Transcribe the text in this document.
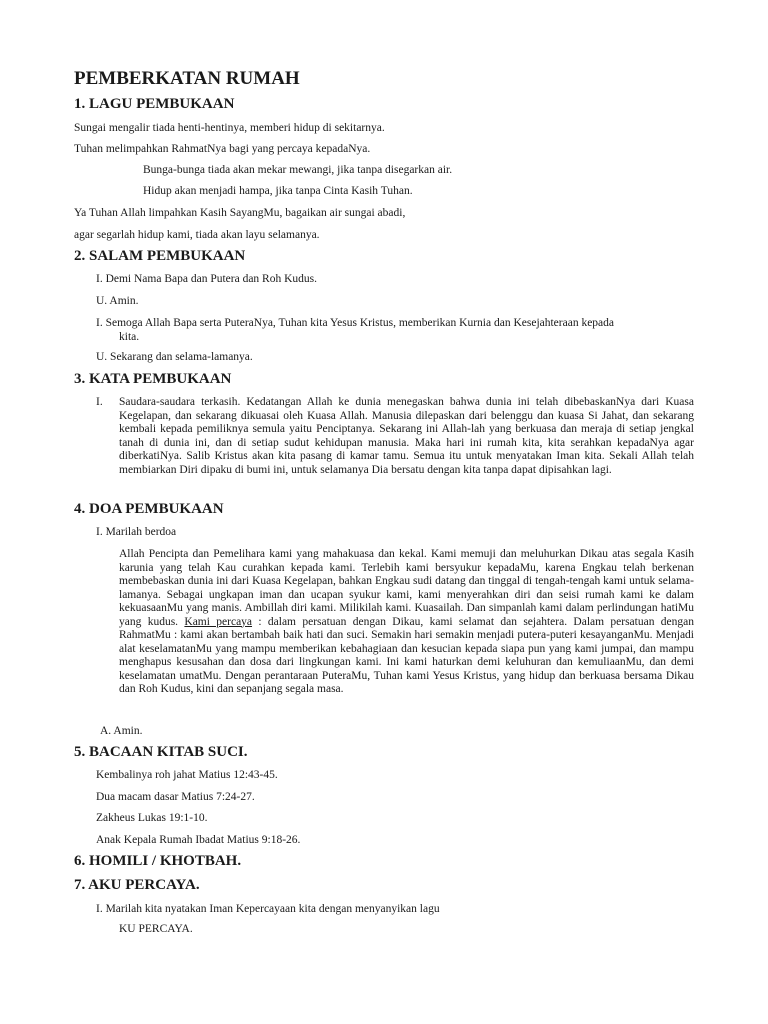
PEMBERKATAN RUMAH
1. LAGU PEMBUKAAN
Sungai mengalir tiada henti-hentinya, memberi hidup di sekitarnya.
Tuhan melimpahkan RahmatNya bagi yang percaya kepadaNya.
Bunga-bunga tiada akan mekar mewangi, jika tanpa disegarkan air.
Hidup akan menjadi hampa, jika tanpa Cinta Kasih Tuhan.
Ya Tuhan Allah limpahkan Kasih SayangMu, bagaikan air sungai abadi,
agar segarlah hidup kami, tiada akan layu selamanya.
2. SALAM PEMBUKAAN
I. Demi Nama Bapa dan Putera dan Roh Kudus.
U. Amin.
I. Semoga Allah Bapa serta PuteraNya, Tuhan kita Yesus Kristus, memberikan Kurnia dan Kesejahteraan kepada
kita.
U. Sekarang dan selama-lamanya.
3. KATA PEMBUKAAN
I. Saudara-saudara terkasih. Kedatangan Allah ke dunia menegaskan bahwa dunia ini telah dibebaskanNya dari Kuasa Kegelapan, dan sekarang dikuasai oleh Kuasa Allah. Manusia dilepaskan dari belenggu dan kuasa Si Jahat, dan sekarang kembali kepada pemiliknya semula yaitu Penciptanya. Sekarang ini Allah-lah yang berkuasa dan meraja di setiap jengkal tanah di dunia ini, dan di setiap sudut kehidupan manusia. Maka hari ini rumah kita, kita serahkan kepadaNya agar diberkatiNya. Salib Kristus akan kita pasang di kamar tamu. Semua itu untuk menyatakan Iman kita. Sekali Allah telah membiarkan Diri dipaku di bumi ini, untuk selamanya Dia bersatu dengan kita tanpa dapat dipisahkan lagi.

4. DOA PEMBUKAAN
I. Marilah berdoa

Allah Pencipta dan Pemelihara kami yang mahakuasa dan kekal. Kami memuji dan meluhurkan Dikau atas segala Kasih karunia yang telah Kau curahkan kepada kami. Terlebih kami bersyukur kepadaMu, karena Engkau telah berkenan membebaskan dunia ini dari Kuasa Kegelapan, bahkan Engkau sudi datang dan tinggal di tengah-tengah kami untuk selama-lamanya. Sebagai ungkapan iman dan ucapan syukur kami, kami menyerahkan diri dan seisi rumah kami ke dalam kekuasaanMu yang manis. Ambillah diri kami. Milikilah kami. Kuasailah. Dan simpanlah kami dalam perlindungan hatiMu yang kudus. Kami percaya : dalam persatuan dengan Dikau, kami selamat dan sejahtera. Dalam persatuan dengan RahmatMu : kami akan bertambah baik hati dan suci. Semakin hari semakin menjadi putera-puteri kesayanganMu. Menjadi alat keselamatanMu yang mampu memberikan kebahagiaan dan kesucian kepada siapa pun yang kami jumpai, dan mampu menghapus kesusahan dan dosa dari lingkungan kami. Ini kami haturkan demi keluhuran dan kemuliaanMu, dan demi keselamatan umatMu. Dengan perantaraan PuteraMu, Tuhan kami Yesus Kristus, yang hidup dan berkuasa bersama Dikau dan Roh Kudus, kini dan sepanjang segala masa.

A. Amin.
5. BACAAN KITAB SUCI.
Kembalinya roh jahat Matius 12:43-45.
Dua macam dasar Matius 7:24-27.
Zakheus Lukas 19:1-10.
Anak Kepala Rumah Ibadat Matius 9:18-26.
6. HOMILI / KHOTBAH.
7. AKU PERCAYA.
I. Marilah kita nyatakan Iman Kepercayaan kita dengan menyanyikan lagu
KU PERCAYA.
